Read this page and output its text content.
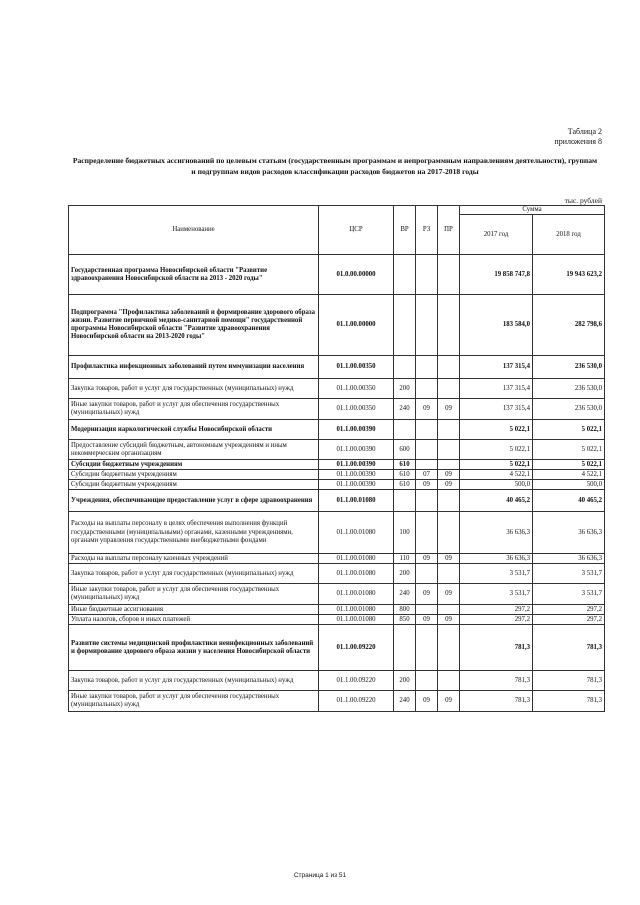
Таблица 2
приложения 8
Распределение бюджетных ассигнований по целевым статьям (государственным программам и непрограммным направлениям деятельности), группам и подгруппам видов расходов классификации расходов бюджетов на 2017-2018 годы
тыс. рублей
Наименование	ЦСР	ВР	РЗ	ПР	Сумма	
					2017 год	2018 год
Государственная программа Новосибирской области "Развитие здравоохранения Новосибирской области на 2013 - 2020 годы"	01.0.00.00000				19 858 747,8	19 943 623,2
Подпрограмма "Профилактика заболеваний и формирование здорового образа жизни. Развитие первичной медико-санитарной помощи" государственной программы Новосибирской области "Развитие здравоохранения Новосибирской области на 2013-2020 годы"	01.1.00.00000				183 584,0	282 798,6
Профилактика инфекционных заболеваний путем иммунизации населения	01.1.00.00350				137 315,4	236 530,0
Закупка товаров, работ и услуг для государственных (муниципальных) нужд	01.1.00.00350	200			137 315,4	236 530,0
Иные закупки товаров, работ и услуг для обеспечения государственных (муниципальных) нужд	01.1.00.00350	240	09	09	137 315,4	236 530,0
Модернизация наркологической службы Новосибирской области	01.1.00.00390				5 022,1	5 022,1
Предоставление субсидий бюджетным, автономным учреждениям и иным некоммерческим организациям	01.1.00.00390	600			5 022,1	5 022,1
Субсидии бюджетным учреждениям	01.1.00.00390	610			5 022,1	5 022,1
Субсидии бюджетным учреждениям	01.1.00.00390	610	07	09	4 522,1	4 522,1
Субсидии бюджетным учреждениям	01.1.00.00390	610	09	09	500,0	500,0
Учреждения, обеспечивающие предоставление услуг в сфере здравоохранения	01.1.00.01080				40 465,2	40 465,2
Расходы на выплаты персоналу в целях обеспечения выполнения функций государственными (муниципальными) органами, казенными учреждениями, органами управления государственными внебюджетными фондами	01.1.00.01080	100			36 636,3	36 636,3
Расходы на выплаты персоналу казенных учреждений	01.1.00.01080	110	09	09	36 636,3	36 636,3
Закупка товаров, работ и услуг для государственных (муниципальных) нужд	01.1.00.01080	200			3 531,7	3 531,7
Иные закупки товаров, работ и услуг для обеспечения государственных (муниципальных) нужд	01.1.00.01080	240	09	09	3 531,7	3 531,7
Иные бюджетные ассигнования	01.1.00.01080	800			297,2	297,2
Уплата налогов, сборов и иных платежей	01.1.00.01080	850	09	09	297,2	297,2
Развитие системы медицинской профилактики неинфекционных заболеваний и формирование здорового образа жизни у населения Новосибирской области	01.1.00.09220				781,3	781,3
Закупка товаров, работ и услуг для государственных (муниципальных) нужд	01.1.00.09220	200			781,3	781,3
Иные закупки товаров, работ и услуг для обеспечения государственных (муниципальных) нужд	01.1.00.09220	240	09	09	781,3	781,3
Страница 1 из 51
